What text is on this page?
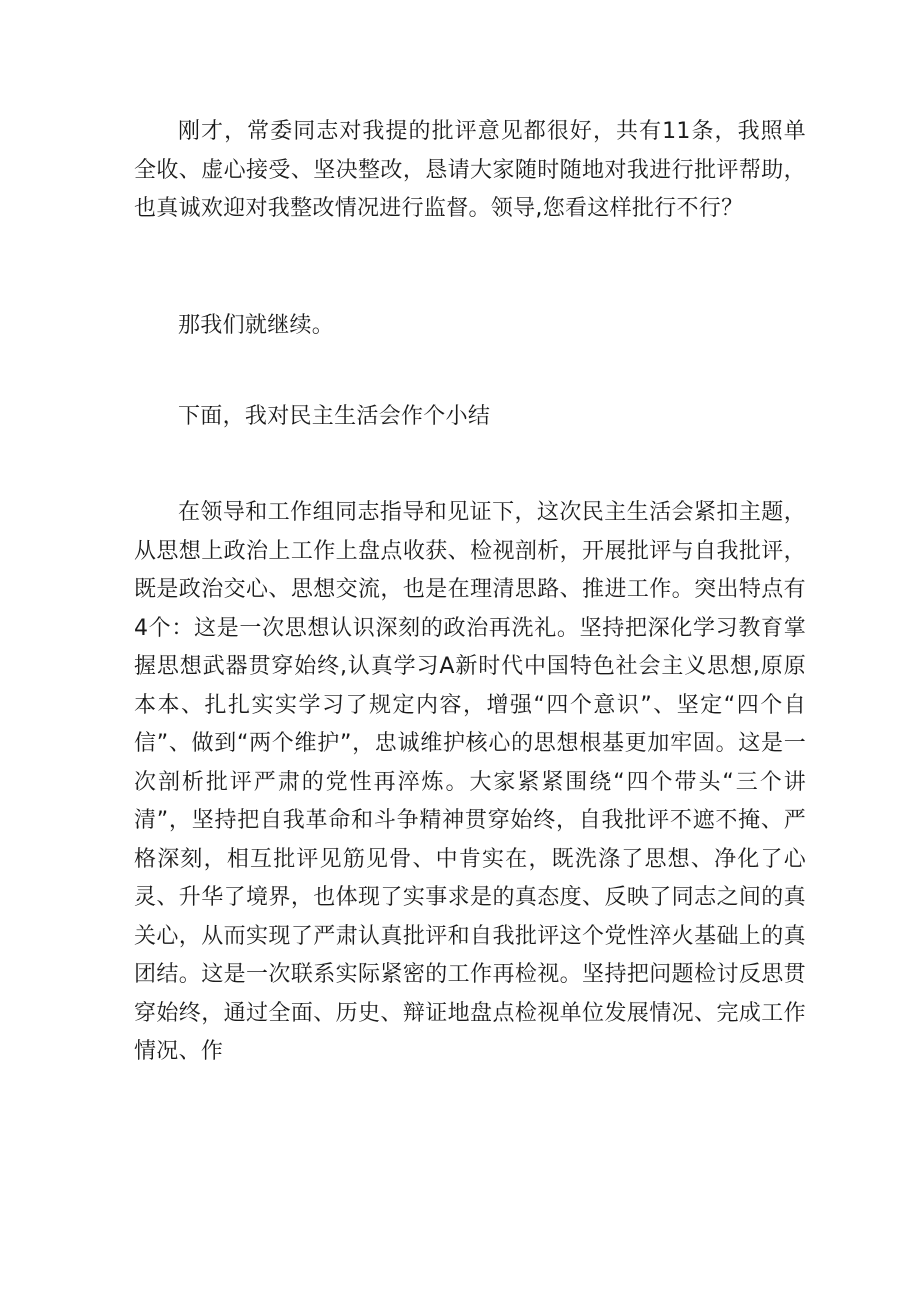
刚才，常委同志对我提的批评意见都很好，共有11条，我照单全收、虚心接受、坚决整改，恳请大家随时随地对我进行批评帮助，也真诚欢迎对我整改情况进行监督。领导,您看这样批行不行？

那我们就继续。

下面，我对民主生活会作个小结

在领导和工作组同志指导和见证下，这次民主生活会紧扣主题，从思想上政治上工作上盘点收获、检视剖析，开展批评与自我批评，既是政治交心、思想交流，也是在理清思路、推进工作。突出特点有4个：这是一次思想认识深刻的政治再洗礼。坚持把深化学习教育掌握思想武器贯穿始终,认真学习A新时代中国特色社会主义思想,原原本本、扎扎实实学习了规定内容，增强“四个意识”、坚定“四个自信”、做到“两个维护”，忠诚维护核心的思想根基更加牢固。这是一次剖析批评严肃的党性再淬炼。大家紧紧围绕“四个带头“三个讲清”，坚持把自我革命和斗争精神贯穿始终，自我批评不遮不掩、严格深刻，相互批评见筋见骨、中肯实在，既洗涤了思想、净化了心灵、升华了境界，也体现了实事求是的真态度、反映了同志之间的真关心，从而实现了严肃认真批评和自我批评这个党性淬火基础上的真团结。这是一次联系实际紧密的工作再检视。坚持把问题检讨反思贯穿始终，通过全面、历史、辩证地盘点检视单位发展情况、完成工作情况、作
